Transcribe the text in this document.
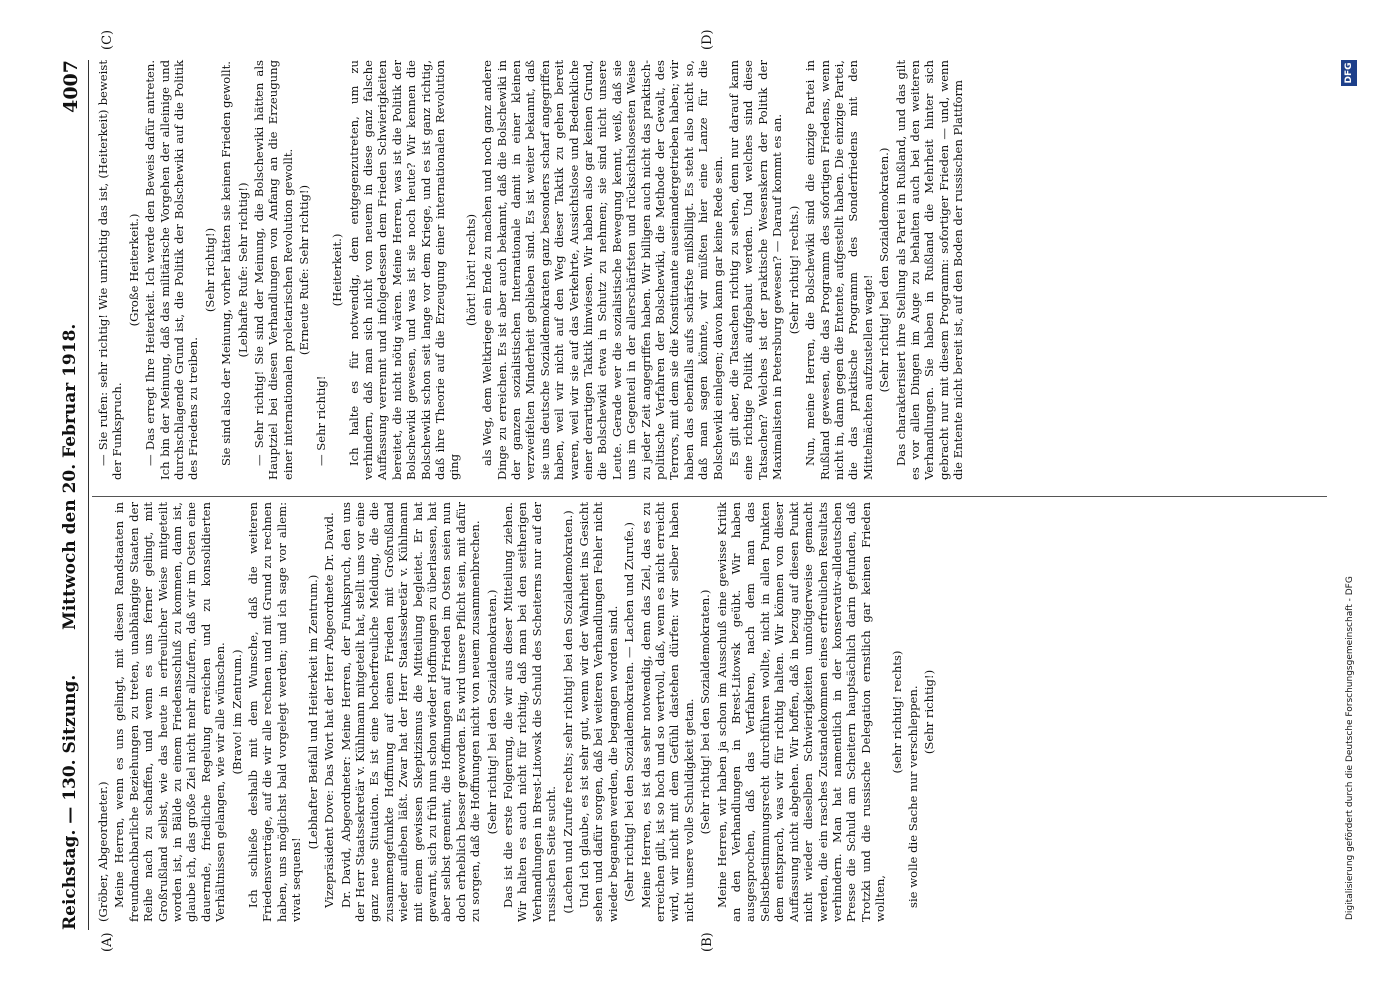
Reichstag. — 130. Sitzung.
Mittwoch den 20. Februar 1918.
4007
(A)	(B)
(C)	(D)

(Gröber, Abgeordneter.) Meine Herren, wenn es uns gelingt, mit diesen Randstaaten in freundnachbarliche Beziehungen zu treten, unabhängige Staaten der Reihe nach zu schaffen, und wenn es uns ferner gelingt, mit Großrußland selbst, wie das heute in erfreulicher Weise mitgeteilt worden ist, in Bälde zu einem Friedensschluß zu kommen, dann ist, glaube ich, das große Ziel nicht mehr allzufern, daß wir im Osten eine dauernde, friedliche Regelung erreichen und zu konsolidierten Verhältnissen gelangen, wie wir alle wünschen. (Bravo! im Zentrum.) Ich schließe deshalb mit dem Wunsche, daß die weiteren Friedensverträge, auf die wir alle rechnen und mit Grund zu rechnen haben, uns möglichst bald vorgelegt werden; und ich sage vor allem: vivat sequens!

(Lebhafter Beifall und Heiterkeit im Zentrum.) Vizepräsident Dove: Das Wort hat der Herr Abgeordnete Dr. David. Dr. David, Abgeordneter: Meine Herren, der Funkspruch, den uns der Herr Staatssekretär v. Kühlmann mitgeteilt hat, stellt uns vor eine ganz neue Situation. Es ist eine hocherfreuliche Meldung, die die zusammengefunkte Hoffnung auf einen Frieden mit Großrußland wieder aufleben läßt. Zwar hat der Herr Staatssekretär v. Kühlmann mit einem gewissen Skeptizismus die Mitteilung begleitet. Er hat gewarnt, sich zu früh nun schon wieder Hoffnungen zu überlassen, hat aber selbst gemeint, die Hoffnungen auf Frieden im Osten seien nun doch erheblich besser geworden. Es wird unsere Pflicht sein, mit dafür zu sorgen, daß die Hoffnungen nicht von neuem zusammenbrechen. (Sehr richtig! bei den Sozialdemokraten.) Das ist die erste Folgerung, die wir aus dieser Mitteilung ziehen. Wir halten es auch nicht für richtig, daß man bei den seitherigen Verhandlungen in Brest-Litowsk die Schuld des Scheiterns nur auf der russischen Seite sucht. (Lachen und Zurufe rechts; sehr richtig! bei den Sozialdemokraten.) Und ich glaube, es ist sehr gut, wenn wir der Wahrheit ins Gesicht sehen und dafür sorgen, daß bei weiteren Verhandlungen Fehler nicht wieder begangen werden, die begangen worden sind. (Sehr richtig! bei den Sozialdemokraten. — Lachen und Zurufe.) Meine Herren, es ist das sehr notwendig, denn das Ziel, das es zu erreichen gilt, ist so hoch und so wertvoll, daß, wenn es nicht erreicht wird, wir nicht mit dem Gefühl dastehen dürfen: wir selber haben nicht unsere volle Schuldigkeit getan. (Sehr richtig! bei den Sozialdemokraten.) Meine Herren, wir haben ja schon im Ausschuß eine gewisse Kritik an den Verhandlungen in Brest-Litowsk geübt. Wir haben ausgesprochen, daß das Verfahren, nach dem man das Selbstbestimmungsrecht durchführen wollte, nicht in allen Punkten dem entsprach, was wir für richtig halten. Wir können von dieser Auffassung nicht abgehen. Wir hoffen, daß in bezug auf diesen Punkt nicht wieder dieselben Schwierigkeiten unnötigerweise gemacht werden, die ein rasches Zustandekommen eines erfreulichen Resultats verhindern. Man hat namentlich in der konservativ-alldeutschen Presse die Schuld am Scheitern hauptsächlich darin gefunden, daß Trotzki und die russische Delegation ernstlich gar keinen Frieden wollten,

(sehr richtig! rechts) sie wolle die Sache nur verschleppen. (Sehr richtig!)

— Sie rufen: sehr richtig! Wie unrichtig das ist, (Heiterkeit) beweist der Funkspruch.

(Große Heiterkeit.) — Das erregt Ihre Heiterkeit. Ich werde den Beweis dafür antreten. Ich bin der Meinung, daß das militärische Vorgehen der alleinige und durchschlagende Grund ist, die Politik der Bolschewiki auf die Politik des Friedens zu treiben.

(Sehr richtig!) Sie sind also der Meinung, vorher hätten sie keinen Frieden gewollt. (Lebhafte Rufe: Sehr richtig!) — Sehr richtig! Sie sind der Meinung, die Bolschewiki hätten als Hauptziel bei diesen Verhandlungen von Anfang an die Erzeugung einer internationalen proletarischen Revolution gewollt. (Erneute Rufe: Sehr richtig!)

— Sehr richtig!

(Heiterkeit.) Ich halte es für notwendig, dem entgegenzutreten, um zu verhindern, daß man sich nicht von neuem in diese ganz falsche Auffassung verrennt und infolgedessen dem Frieden Schwierigkeiten bereitet, die nicht nötig wären. Meine Herren, was ist die Politik der Bolschewiki gewesen, und was ist sie noch heute? Wir kennen die Bolschewiki schon seit lange vor dem Kriege, und es ist ganz richtig, daß ihre Theorie auf die Erzeugung einer internationalen Revolution ging

(hört! hört! rechts) als Weg, dem Weltkriege ein Ende zu machen und noch ganz andere Dinge zu erreichen. Es ist aber auch bekannt, daß die Bolschewiki in der ganzen sozialistischen Internationale damit in einer kleinen verzweifelten Minderheit geblieben sind. Es ist weiter bekannt, daß sie uns deutsche Sozialdemokraten ganz besonders scharf angegriffen haben, weil wir nicht auf den Weg dieser Taktik zu gehen bereit waren, weil wir sie auf das Verkehrte, Aussichtslose und Bedenkliche einer derartigen Taktik hinwiesen. Wir haben also gar keinen Grund, die Bolschewiki etwa in Schutz zu nehmen; sie sind nicht unsere Leute. Gerade wer die sozialistische Bewegung kennt, weiß, daß sie uns im Gegenteil in der allerschärfsten und rücksichtslosesten Weise zu jeder Zeit angegriffen haben. Wir billigen auch nicht das praktisch-politische Verfahren der Bolschewiki, die Methode der Gewalt, des Terrors, mit dem sie die Konstituante auseinandergetrieben haben; wir haben das ebenfalls aufs schärfste mißbilligt. Es steht also nicht so, daß man sagen könnte, wir müßten hier eine Lanze für die Bolschewiki einlegen; davon kann gar keine Rede sein. Es gilt aber, die Tatsachen richtig zu sehen, denn nur darauf kann eine richtige Politik aufgebaut werden. Und welches sind diese Tatsachen? Welches ist der praktische Wesenskern der Politik der Maximalisten in Petersburg gewesen? — Darauf kommt es an. (Sehr richtig! rechts.) Nun, meine Herren, die Bolschewiki sind die einzige Partei in Rußland gewesen, die das Programm des sofortigen Friedens, wenn nicht in, dann gegen die Entente, aufgestellt haben. Die einzige Partei, die das praktische Programm des Sonderfriedens mit den Mittelmächten aufzustellen wagte! (Sehr richtig! bei den Sozialdemokraten.) Das charakterisiert ihre Stellung als Partei in Rußland, und das gilt es vor allen Dingen im Auge zu behalten auch bei den weiteren Verhandlungen. Sie haben in Rußland die Mehrheit hinter sich gebracht nur mit diesem Programm: sofortiger Frieden — und, wenn die Entente nicht bereit ist, auf den Boden der russischen Plattform

Digitalisierung gefördert durch die Deutsche Forschungsgemeinschaft - DFG
DFG
